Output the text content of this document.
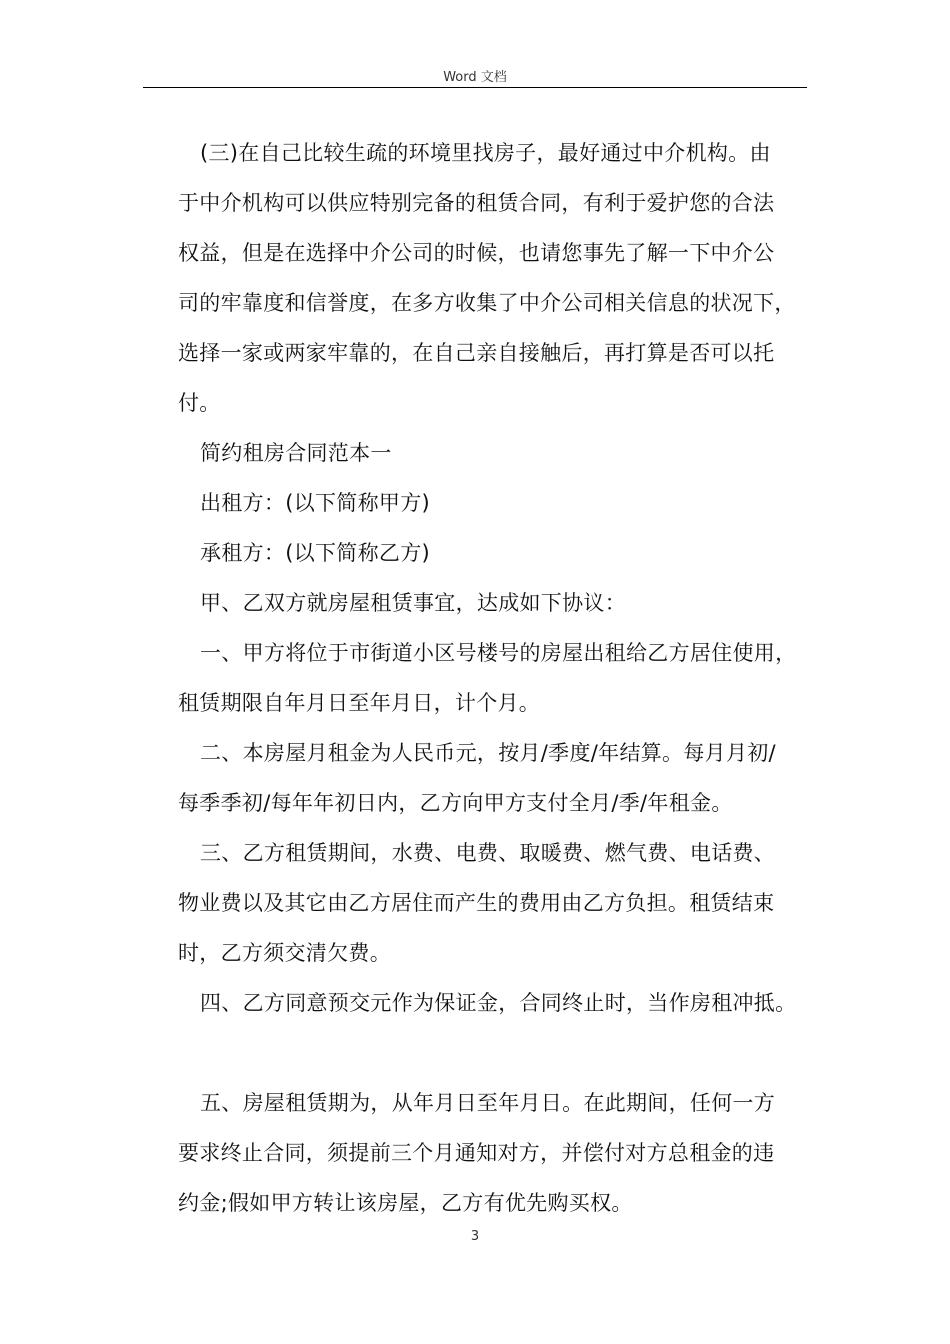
Word 文档

(三)在自己比较生疏的环境里找房子，最好通过中介机构。由

于中介机构可以供应特别完备的租赁合同，有利于爱护您的合法

权益，但是在选择中介公司的时候，也请您事先了解一下中介公

司的牢靠度和信誉度，在多方收集了中介公司相关信息的状况下，

选择一家或两家牢靠的，在自己亲自接触后，再打算是否可以托

付。

简约租房合同范本一

出租方：(以下简称甲方)

承租方：(以下简称乙方)

甲、乙双方就房屋租赁事宜，达成如下协议：

一、甲方将位于市街道小区号楼号的房屋出租给乙方居住使用，

租赁期限自年月日至年月日，计个月。

二、本房屋月租金为人民币元，按月/季度/年结算。每月月初/

每季季初/每年年初日内，乙方向甲方支付全月/季/年租金。

三、乙方租赁期间，水费、电费、取暖费、燃气费、电话费、

物业费以及其它由乙方居住而产生的费用由乙方负担。租赁结束

时，乙方须交清欠费。

四、乙方同意预交元作为保证金，合同终止时，当作房租冲抵。

五、房屋租赁期为，从年月日至年月日。在此期间，任何一方

要求终止合同，须提前三个月通知对方，并偿付对方总租金的违

约金;假如甲方转让该房屋，乙方有优先购买权。

3
